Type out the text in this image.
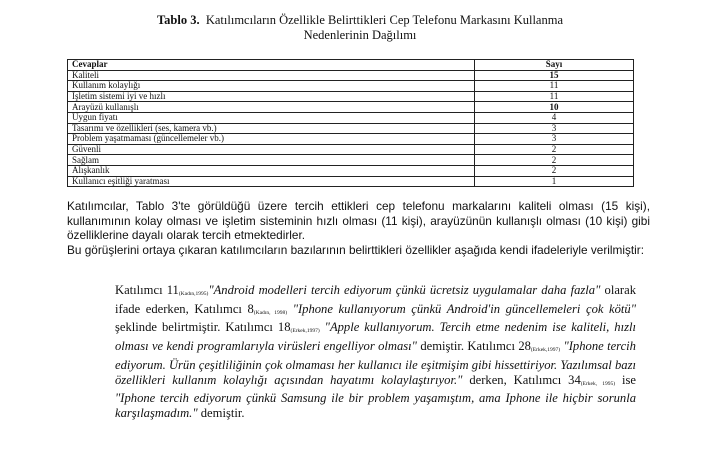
Tablo 3. Katılımcıların Özellikle Belirttikleri Cep Telefonu Markasını Kullanma
Nedenlerinin Dağılımı
Cevaplar	Sayı
Kaliteli	15
Kullanım kolaylığı	11
İşletim sistemi iyi ve hızlı	11
Arayüzü kullanışlı	10
Uygun fiyatı	4
Tasarımı ve özellikleri (ses, kamera vb.)	3
Problem yaşatmaması (güncellemeler vb.)	3
Güvenli	2
Sağlam	2
Alışkanlık	2
Kullanıcı eşitliği yaratması	1

Katılımcılar, Tablo 3'te görüldüğü üzere tercih ettikleri cep telefonu markalarını kaliteli olması (15 kişi), kullanımının kolay olması ve işletim sisteminin hızlı olması (11 kişi), arayüzünün kullanışlı olması (10 kişi) gibi özelliklerine dayalı olarak tercih etmektedirler.

Bu görüşlerini ortaya çıkaran katılımcıların bazılarının belirttikleri özellikler aşağıda kendi ifadeleriyle verilmiştir:

Katılımcı 11(Kadın,1995)"Android modelleri tercih ediyorum çünkü ücretsiz uygulamalar daha fazla" olarak ifade ederken, Katılımcı 8(Kadın, 1998) "Iphone kullanıyorum çünkü Android'in güncellemeleri çok kötü" şeklinde belirtmiştir. Katılımcı 18(Erkek,1997) "Apple kullanıyorum. Tercih etme nedenim ise kaliteli, hızlı olması ve kendi programlarıyla virüsleri engelliyor olması" demiştir. Katılımcı 28(Erkek,1997) "Iphone tercih ediyorum. Ürün çeşitliliğinin çok olmaması her kullanıcı ile eşitmişim gibi hissettiriyor. Yazılımsal bazı özellikleri kullanım kolaylığı açısından hayatımı kolaylaştırıyor." derken, Katılımcı 34(Erkek, 1995) ise "Iphone tercih ediyorum çünkü Samsung ile bir problem yaşamıştım, ama Iphone ile hiçbir sorunla karşılaşmadım." demiştir.
